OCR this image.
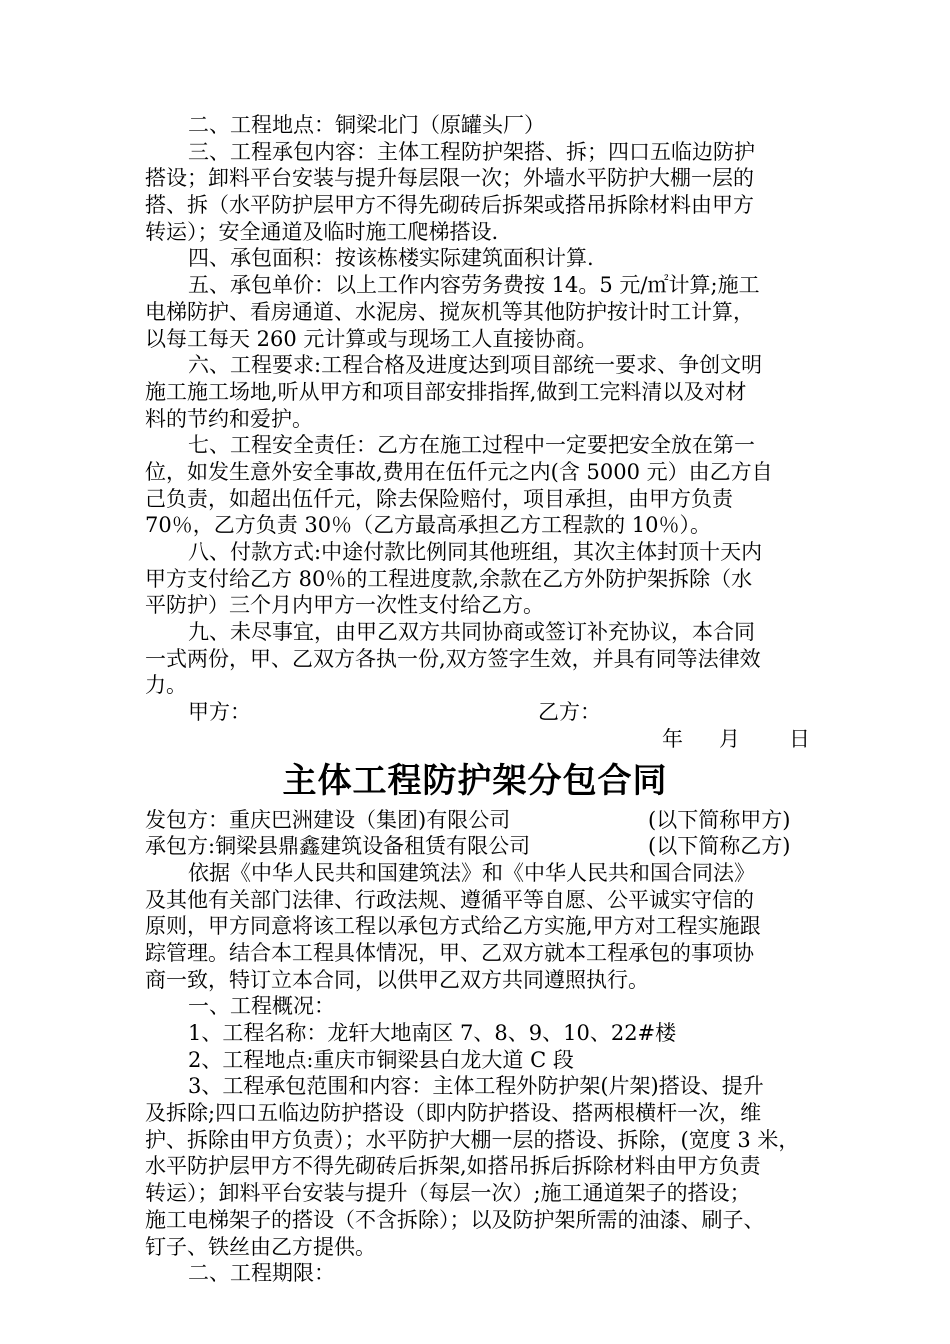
二、工程地点：铜梁北门（原罐头厂）
三、工程承包内容：主体工程防护架搭、拆；四口五临边防护
搭设；卸料平台安装与提升每层限一次；外墙水平防护大棚一层的
搭、拆（水平防护层甲方不得先砌砖后拆架或搭吊拆除材料由甲方
转运）；安全通道及临时施工爬梯搭设.
四、承包面积：按该栋楼实际建筑面积计算.
五、承包单价：以上工作内容劳务费按 14。5 元/㎡计算;施工
电梯防护、看房通道、水泥房、搅灰机等其他防护按计时工计算，
以每工每天 260 元计算或与现场工人直接协商。
六、工程要求:工程合格及进度达到项目部统一要求、争创文明
施工施工场地,听从甲方和项目部安排指挥,做到工完料清以及对材
料的节约和爱护。
七、工程安全责任：乙方在施工过程中一定要把安全放在第一
位，如发生意外安全事故,费用在伍仟元之内(含 5000 元）由乙方自
己负责，如超出伍仟元，除去保险赔付，项目承担，由甲方负责
70％，乙方负责 30％（乙方最高承担乙方工程款的 10％）。
八、付款方式:中途付款比例同其他班组，其次主体封顶十天内
甲方支付给乙方 80％的工程进度款,余款在乙方外防护架拆除（水
平防护）三个月内甲方一次性支付给乙方。
九、未尽事宜，由甲乙双方共同协商或签订补充协议，本合同
一式两份，甲、乙双方各执一份,双方签字生效，并具有同等法律效
力。
甲方：	乙方：
年 月 日
主体工程防护架分包合同
发包方：重庆巴洲建设（集团)有限公司	(以下简称甲方)
承包方:铜梁县鼎鑫建筑设备租赁有限公司	(以下简称乙方)
依据《中华人民共和国建筑法》和《中华人民共和国合同法》
及其他有关部门法律、行政法规、遵循平等自愿、公平诚实守信的
原则，甲方同意将该工程以承包方式给乙方实施,甲方对工程实施跟
踪管理。结合本工程具体情况，甲、乙双方就本工程承包的事项协
商一致，特订立本合同，以供甲乙双方共同遵照执行。
一、工程概况：
1、工程名称：龙轩大地南区 7、8、9、10、22#楼
2、工程地点:重庆市铜梁县白龙大道 C 段
3、工程承包范围和内容：主体工程外防护架(片架)搭设、提升
及拆除;四口五临边防护搭设（即内防护搭设、搭两根横杆一次，维
护、拆除由甲方负责）；水平防护大棚一层的搭设、拆除，(宽度 3 米，
水平防护层甲方不得先砌砖后拆架,如搭吊拆后拆除材料由甲方负责
转运）；卸料平台安装与提升（每层一次）;施工通道架子的搭设；
施工电梯架子的搭设（不含拆除）；以及防护架所需的油漆、刷子、
钉子、铁丝由乙方提供。
二、工程期限：
